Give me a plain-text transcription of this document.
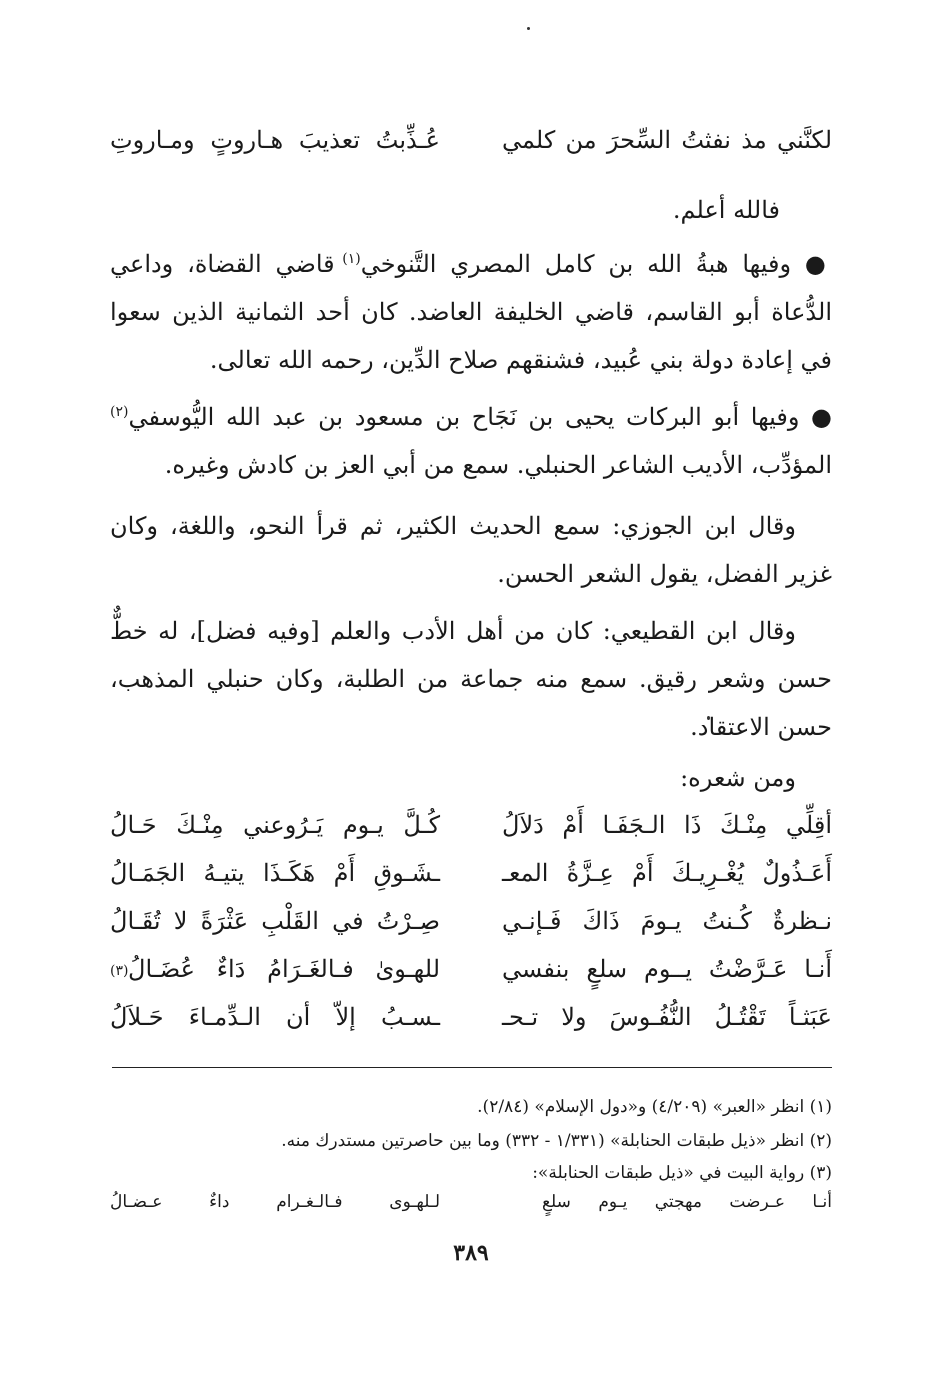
لكنَّني مذ نفثتُ السِّحرَ من كلمي
عُـذِّبتُ تعذيبَ هـاروتٍ ومـاروتِ
فالله أعلم.
● وفيها هبةُ الله بن كامل المصري التَّنوخي$^{(١)}$ قاضي القضاة، وداعي الدُّعاة أبو القاسم، قاضي الخليفة العاضد. كان أحد الثمانية الذين سعوا في إعادة دولة بني عُبيد، فشنقهم صلاح الدِّين، رحمه الله تعالى.
● وفيها أبو البركات يحيى بن نَجَاح بن مسعود بن عبد الله اليُّوسفي$^{(٢)}$ المؤدِّب، الأديب الشاعر الحنبلي. سمع من أبي العز بن كادش وغيره.
وقال ابن الجوزي: سمع الحديث الكثير، ثم قرأ النحو، واللغة، وكان غزير الفضل، يقول الشعر الحسن.
وقال ابن القطيعي: كان من أهل الأدب والعلم [وفيه فضل]، له خطٌّ حسن وشعر رقيق. سمع منه جماعة من الطلبة، وكان حنبلي المذهب، حسن الاعتقاد.
ومن شعره:
أقِلِّي مِنْـكَ ذَا الـجَفَـا أَمْ دَلاَلُ
كُـلَّ يـوم يَـرُوعني مِنْـكَ حَـالُ
أَعَـذُولٌ يُغْـرِيـكَ أَمْ عِـزَّةُ المعـ
ـشَـوقِ أَمْ هَكَـذَا يتيـهُ الجَمَـالُ
نـظرةٌ كُـنتُ يـومَ ذَاكَ فَـإنـي
صِـرْتُ في القَلْبِ عَثْرَةً لا تُقَـالُ
أَنـا عَـرَّضْتُ يــوم سلعٍ بنفسي
للهـوىٰ فـالغَـرَامُ دَاءٌ عُضَـالُ
(٣)
عَبَثـاً تَقْتُـلُ النُّفُـوسَ ولا تـحـ
ـسـبُ إلاّ أن الـدِّمـاءَ حَـلاَلُ
(١) انظر «العبر» (٤/٢٠٩) و«دول الإسلام» (٢/٨٤).
(٢) انظر «ذيل طبقات الحنابلة» (١/٣٣١ - ٣٣٢) وما بين حاصرتين مستدرك منه.
(٣) رواية البيت في «ذيل طبقات الحنابلة»:
أنـا عـرضت مهجتي يـوم سلعٍ
لـلهـوى فـالـغـرام داءٌ عـضـالُ
٣٨٩
